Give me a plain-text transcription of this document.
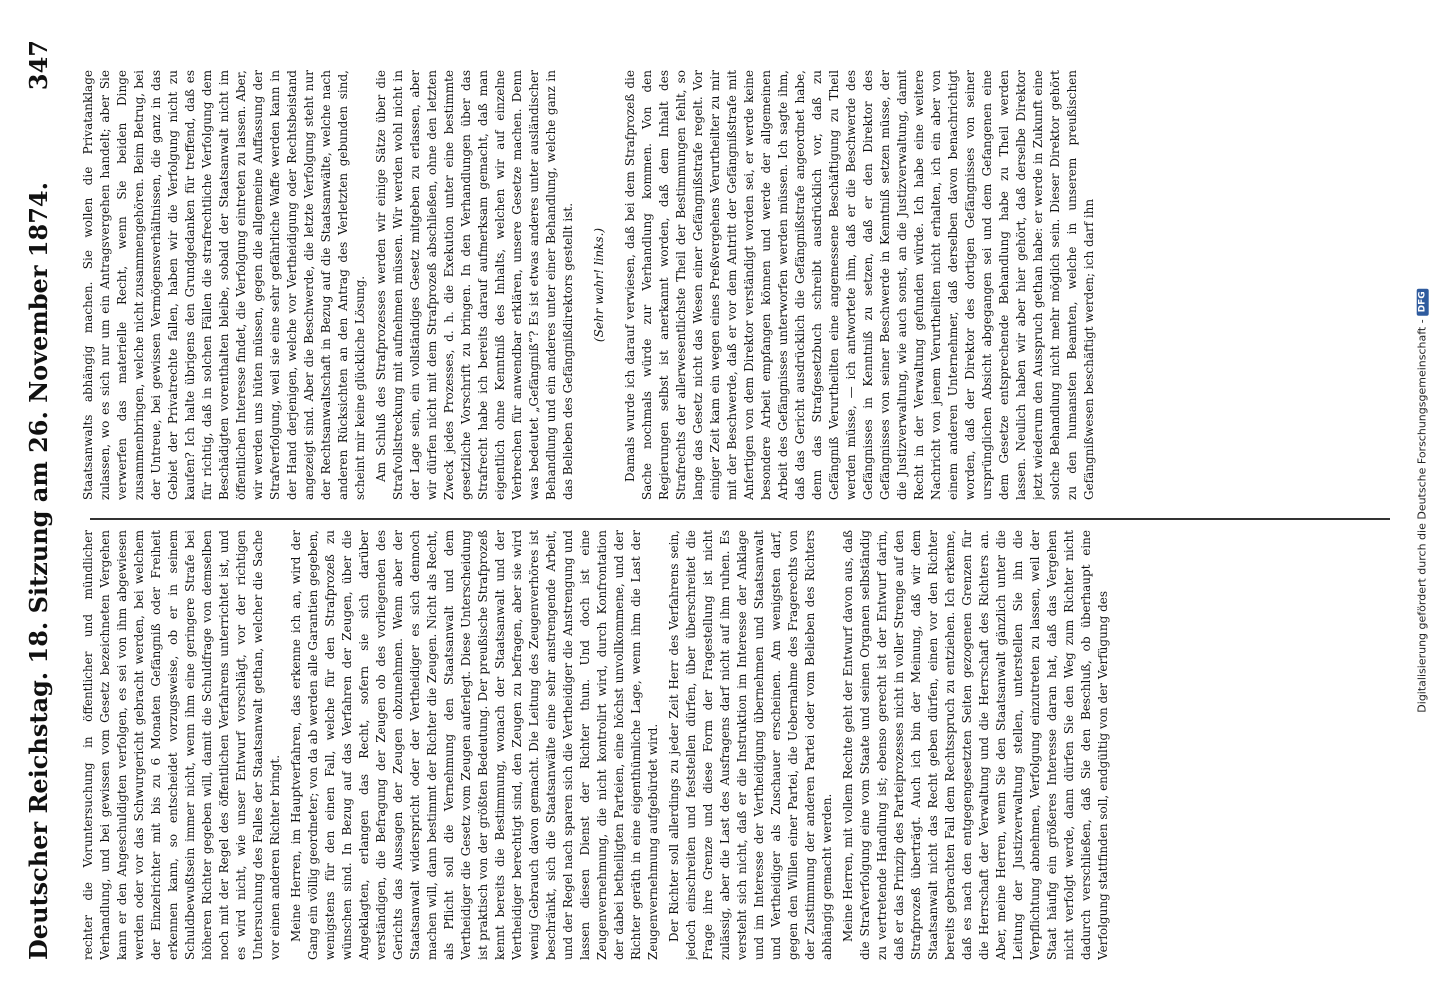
Deutscher Reichstag. 18. Sitzung am 26. November 1874.
347

rechter die Voruntersuchung in öffentlicher und mündlicher Verhandlung, und bei gewissen vom Gesetz bezeichneten Vergehen kann er den Angeschuldigten verfolgen, es sei von ihm abgewiesen werden oder vor das Schwurgericht gebracht werden, bei welchem der Einzelrichter mit bis zu 6 Monaten Gefängniß oder Freiheit erkennen kann, so entscheidet vorzugsweise, ob er in seinem Schuldbewußtsein immer nicht, wenn ihm eine geringere Strafe bei höheren Richter gegeben will, damit die Schuldfrage von demselben noch mit der Regel des öffentlichen Verfahrens unterrichtet ist, und es wird nicht, wie unser Entwurf vorschlägt, vor der richtigen Untersuchung des Falles der Staatsanwalt gethan, welcher die Sache vor einen anderen Richter bringt. Meine Herren, im Hauptverfahren, das erkenne ich an, wird der Gang ein völlig geordneter; von da ab werden alle Garantien gegeben, wenigstens für den einen Fall, welche für den Strafprozeß zu wünschen sind. In Bezug auf das Verfahren der Zeugen, über die Angeklagten, erlangen das Recht, sofern sie sich darüber verständigen, die Befragung der Zeugen ob des vorliegenden des Gerichts das Aussagen der Zeugen obzunehmen. Wenn aber der Staatsanwalt widerspricht oder der Vertheidiger es sich dennoch machen will, dann bestimmt der Richter die Zeugen. Nicht als Recht, als Pflicht soll die Vernehmung den Staatsanwalt und dem Vertheidiger die Gesetz vom Zeugen auferlegt. Diese Unterscheidung ist praktisch von der größten Bedeutung. Der preußische Strafprozeß kennt bereits die Bestimmung, wonach der Staatsanwalt und der Vertheidiger berechtigt sind, den Zeugen zu befragen, aber sie wird wenig Gebrauch davon gemacht. Die Leitung des Zeugenverhöres ist beschränkt, sich die Staatsanwälte eine sehr anstrengende Arbeit, und der Regel nach sparen sich die Vertheidiger die Anstrengung und lassen diesen Dienst der Richter thun. Und doch ist eine Zeugenvernehmung, die nicht kontrolirt wird, durch Konfrontation der dabei betheiligten Parteien, eine höchst unvollkommene, und der Richter geräth in eine eigenthümliche Lage, wenn ihm die Last der Zeugenvernehmung aufgebürdet wird. Der Richter soll allerdings zu jeder Zeit Herr des Verfahrens sein, jedoch einschreiten und feststellen dürfen, über überschreitet die Frage ihre Grenze und diese Form der Fragestellung ist nicht zulässig, aber die Last des Ausfragens darf nicht auf ihm ruhen. Es versteht sich nicht, daß er die Instruktion im Interesse der Anklage und im Interesse der Vertheidigung übernehmen und Staatsanwalt und Vertheidiger als Zuschauer erscheinen. Am wenigsten darf, gegen den Willen einer Partei, die Uebernahme des Fragerechts von der Zustimmung der anderen Partei oder vom Belieben des Richters abhängig gemacht werden. Meine Herren, mit vollem Rechte geht der Entwurf davon aus, daß die Strafverfolgung eine vom Staate und seinen Organen selbständig zu vertretende Handlung ist; ebenso gerecht ist der Entwurf darin, daß er das Prinzip des Parteiprozesses nicht in voller Strenge auf den Strafprozeß überträgt. Auch ich bin der Meinung, daß wir dem Staatsanwalt nicht das Recht geben dürfen, einen vor den Richter bereits gebrachten Fall dem Rechtsspruch zu entziehen. Ich erkenne, daß es nach den entgegengesetzten Seiten gezogenen Grenzen für die Herrschaft der Verwaltung und die Herrschaft des Richters an. Aber, meine Herren, wenn Sie den Staatsanwalt gänzlich unter die Leitung der Justizverwaltung stellen, unterstellen Sie ihn die Verpflichtung abnehmen, Verfolgung einzutreten zu lassen, weil der Staat häufig ein größeres Interesse daran hat, daß das Vergehen nicht verfolgt werde, dann dürfen Sie den Weg zum Richter nicht dadurch verschließen, daß Sie den Beschluß, ob überhaupt eine Verfolgung stattfinden soll, endgültig von der Verfügung des

Staatsanwalts abhängig machen. Sie wollen die Privatanklage zulassen, wo es sich nur um ein Antragsvergehen handelt; aber Sie verwerfen das materielle Recht, wenn Sie beiden Dinge zusammenbringen, welche nicht zusammengehören. Beim Betrug, bei der Untreue, bei gewissen Vermögensverhältnissen, die ganz in das Gebiet der Privatrechte fallen, haben wir die Verfolgung nicht zu kaufen? Ich halte übrigens den Grundgedanken für treffend, daß es für richtig, daß in solchen Fällen die strafrechtliche Verfolgung dem Beschädigten vorenthalten bleibe, sobald der Staatsanwalt nicht im öffentlichen Interesse findet, die Verfolgung eintreten zu lassen. Aber, wir werden uns hüten müssen, gegen die allgemeine Auffassung der Strafverfolgung, weil sie eine sehr gefährliche Waffe werden kann in der Hand derjenigen, welche vor Vertheidigung oder Rechtsbeistand angezeigt sind. Aber die Beschwerde, die letzte Verfolgung steht nur der Rechtsanwaltschaft in Bezug auf die Staatsanwälte, welche nach anderen Rücksichten an den Antrag des Verletzten gebunden sind, scheint mir keine glückliche Lösung. Am Schluß des Strafprozesses werden wir einige Sätze über die Strafvollstreckung mit aufnehmen müssen. Wir werden wohl nicht in der Lage sein, ein vollständiges Gesetz mitgeben zu erlassen, aber wir dürfen nicht mit dem Strafprozeß abschließen, ohne den letzten Zweck jedes Prozesses, d. h. die Exekution unter eine bestimmte gesetzliche Vorschrift zu bringen. In den Verhandlungen über das Strafrecht habe ich bereits darauf aufmerksam gemacht, daß man eigentlich ohne Kenntniß des Inhalts, welchen wir auf einzelne Verbrechen für anwendbar erklären, unsere Gesetze machen. Denn was bedeutet „Gefängniß“? Es ist etwas anderes unter ausländischer Behandlung und ein anderes unter einer Behandlung, welche ganz in das Belieben des Gefängnißdirektors gestellt ist. (Sehr wahr! links.) Damals wurde ich darauf verwiesen, daß bei dem Strafprozeß die Sache nochmals würde zur Verhandlung kommen. Von den Regierungen selbst ist anerkannt worden, daß dem Inhalt des Strafrechts der allerwesentlichste Theil der Bestimmungen fehlt, so lange das Gesetz nicht das Wesen einer Gefängnißstrafe regelt. Vor einiger Zeit kam ein wegen eines Preßvergehens Verurtheilter zu mir mit der Beschwerde, daß er vor dem Antritt der Gefängnißstrafe mit Anfertigen von dem Direktor verständigt worden sei, er werde keine besondere Arbeit empfangen können und werde der allgemeinen Arbeit des Gefängnisses unterworfen werden müssen. Ich sagte ihm, daß das Gericht ausdrücklich die Gefängnißstrafe angeordnet habe, denn das Strafgesetzbuch schreibt ausdrücklich vor, daß zu Gefängniß Verurtheilten eine angemessene Beschäftigung zu Theil werden müsse, — ich antwortete ihm, daß er die Beschwerde des Gefängnisses in Kenntniß zu setzen, daß er den Direktor des Gefängnisses von seiner Beschwerde in Kenntniß setzen müsse, der die Justizverwaltung, wie auch sonst, an die Justizverwaltung, damit Recht in der Verwaltung gefunden würde. Ich habe eine weitere Nachricht von jenem Verurtheilten nicht erhalten, ich ein aber von einem anderen Unternehmer, daß derselben davon benachrichtigt worden, daß der Direktor des dortigen Gefängnisses von seiner ursprünglichen Absicht abgegangen sei und dem Gefangenen eine dem Gesetze entsprechende Behandlung habe zu Theil werden lassen. Neulich haben wir aber hier gehört, daß derselbe Direktor jetzt wiederum den Ausspruch gethan habe: er werde in Zukunft eine solche Behandlung nicht mehr möglich sein. Dieser Direktor gehört zu den humansten Beamten, welche in unserem preußischen Gefängnißwesen beschäftigt werden; ich darf ihn	Digitalisierung gefördert durch die Deutsche Forschungsgemeinschaft -
DFG
